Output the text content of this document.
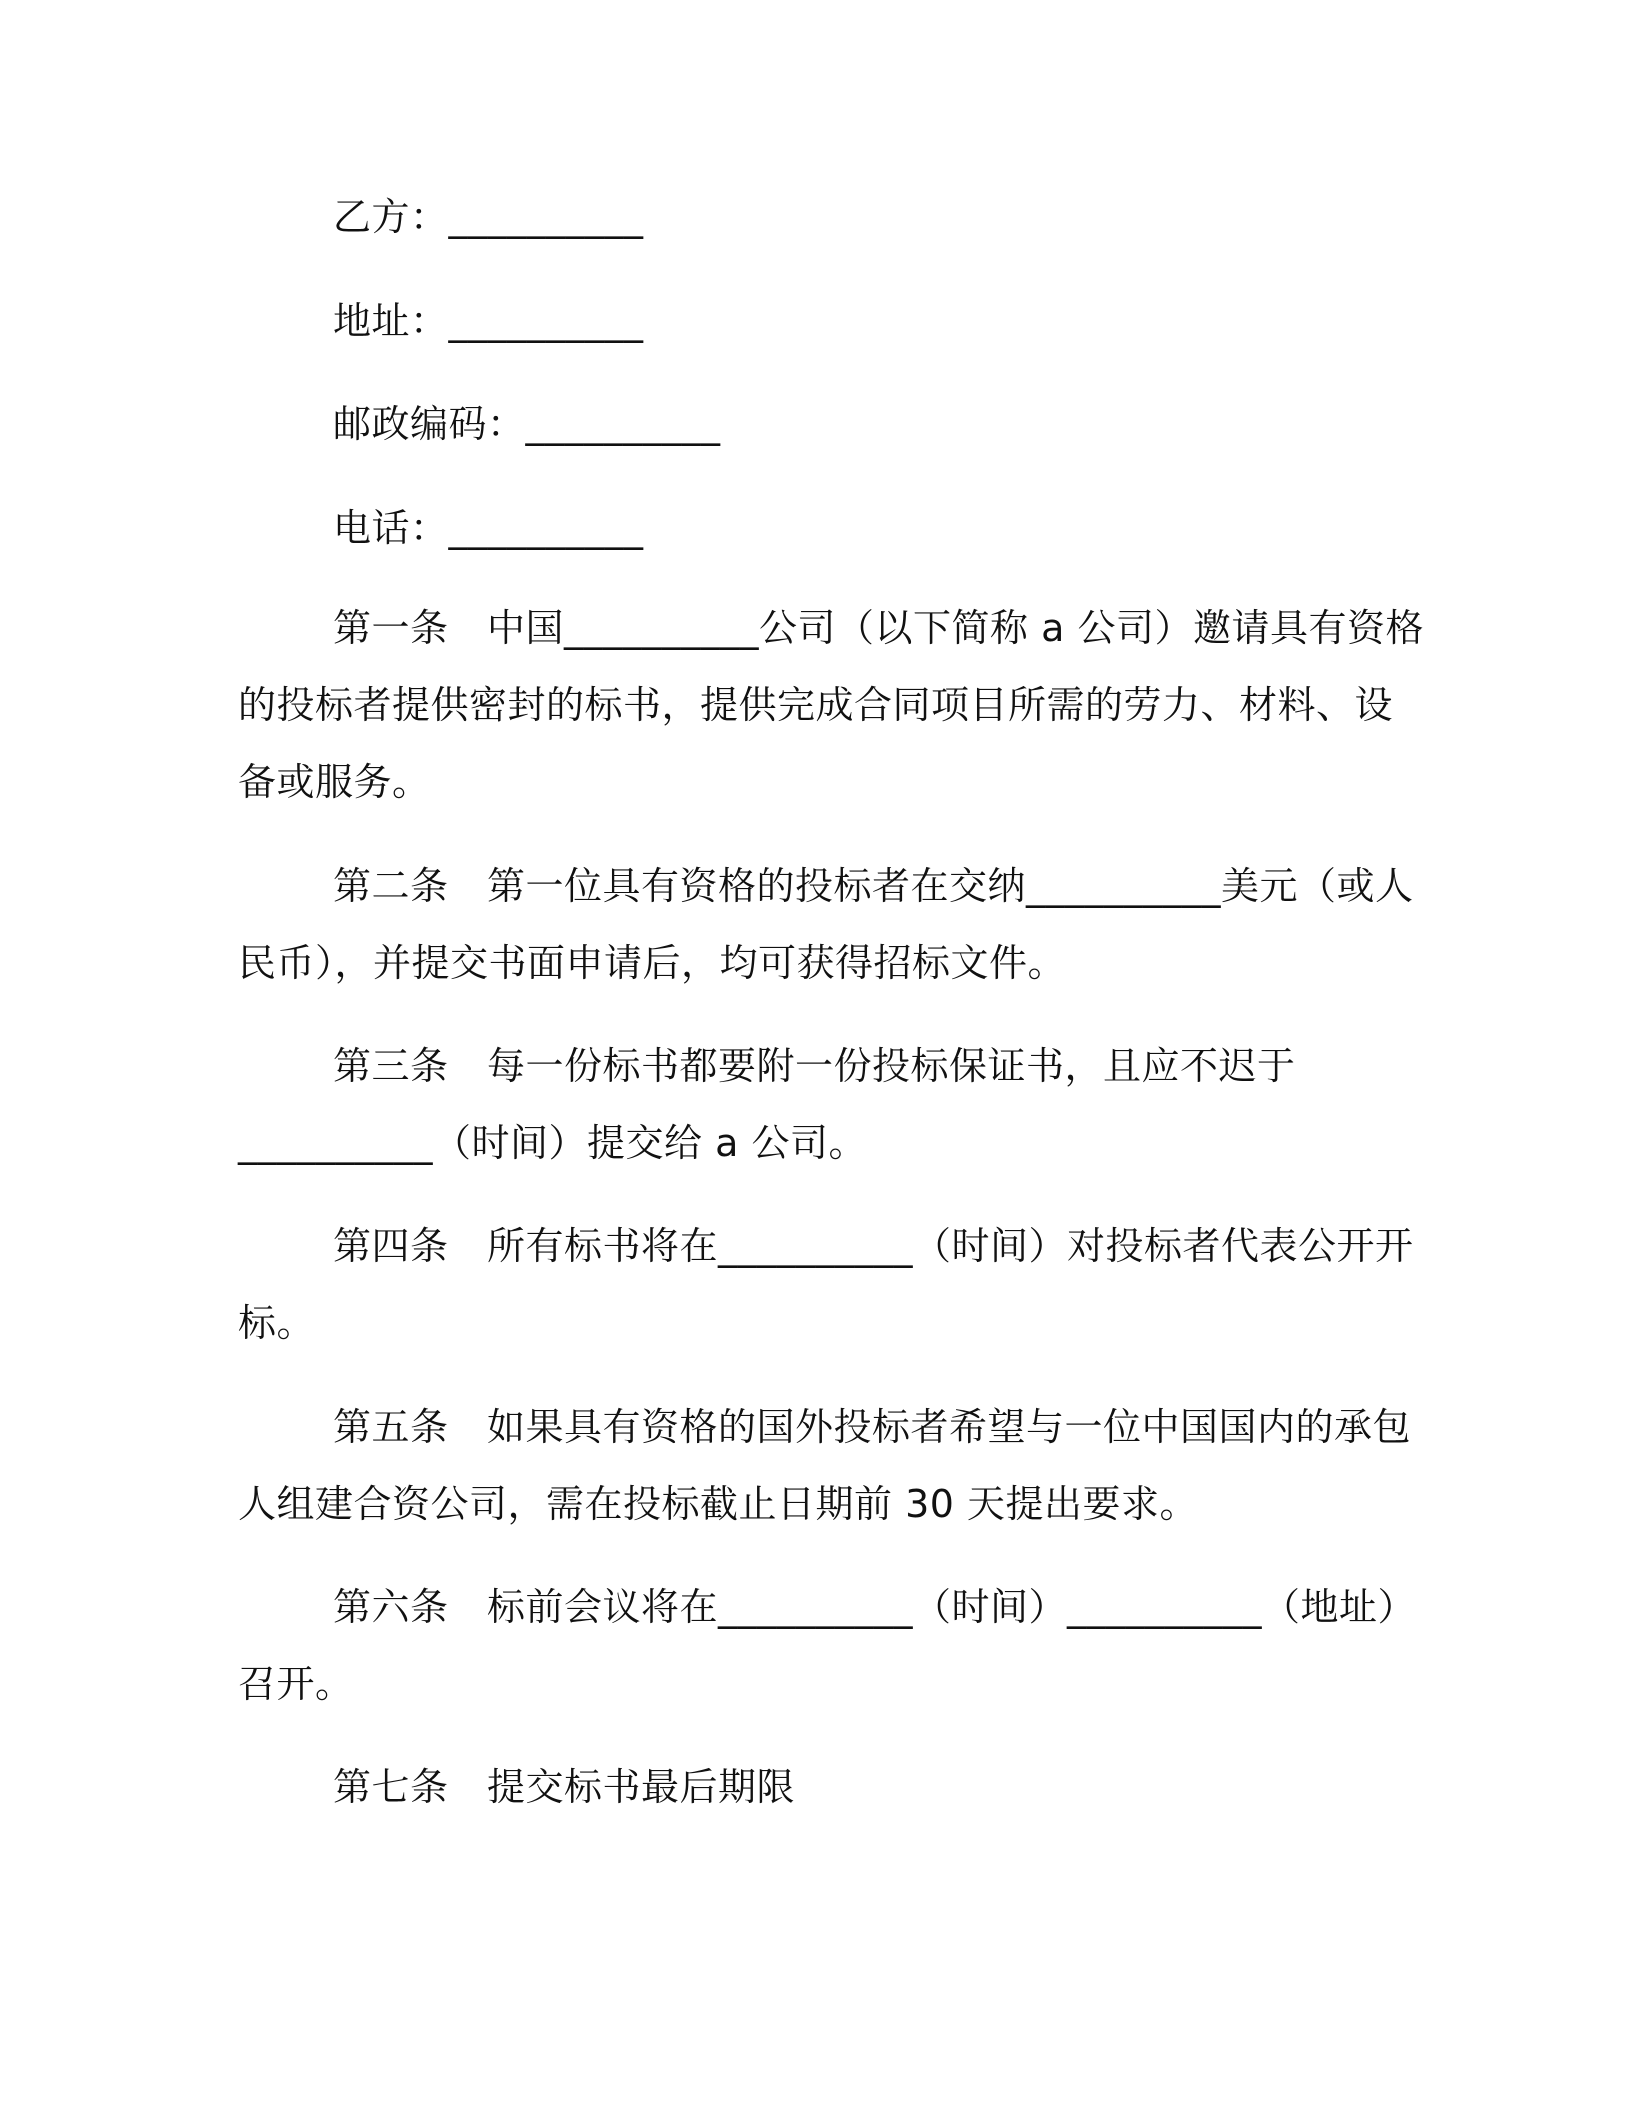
乙方：__________
地址：__________
邮政编码：__________
电话：__________
第一条　中国__________公司（以下简称 a 公司）邀请具有资格
的投标者提供密封的标书，提供完成合同项目所需的劳力、材料、设
备或服务。
第二条　第一位具有资格的投标者在交纳__________美元（或人
民币），并提交书面申请后，均可获得招标文件。
第三条　每一份标书都要附一份投标保证书，且应不迟于
__________（时间）提交给 a 公司。
第四条　所有标书将在__________（时间）对投标者代表公开开
标。
第五条　如果具有资格的国外投标者希望与一位中国国内的承包
人组建合资公司，需在投标截止日期前 30 天提出要求。
第六条　标前会议将在__________（时间）__________（地址）
召开。
第七条　提交标书最后期限
